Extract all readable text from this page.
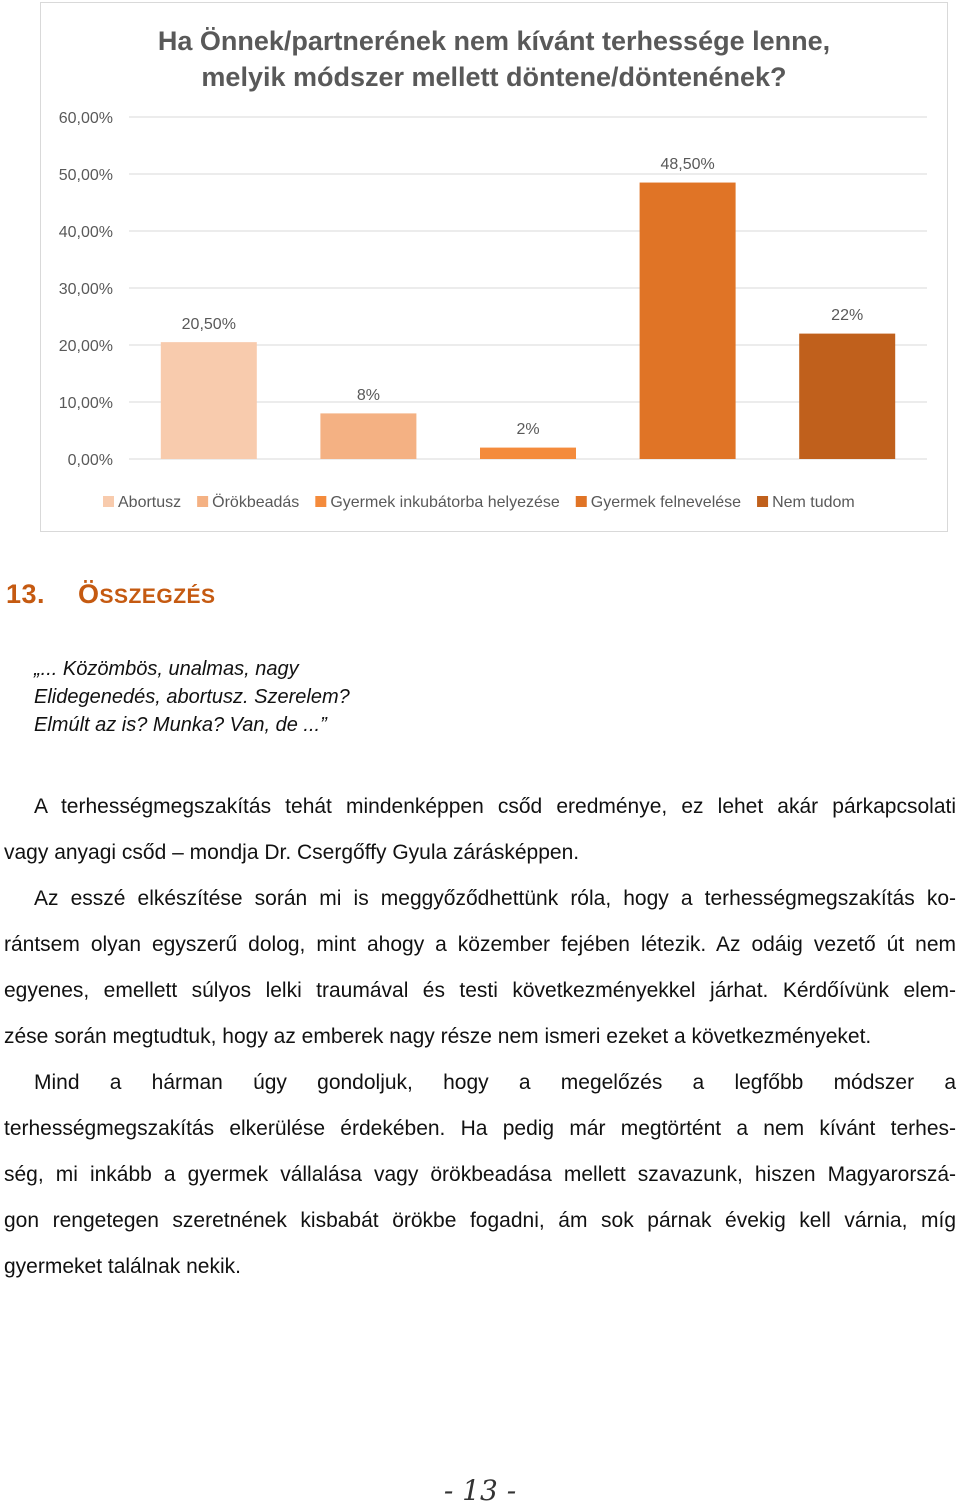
0,00%
10,00%
20,00%
30,00%
40,00%
50,00%
60,00%
20,50%
8%
2%
48,50%
22%
Abortusz Örökbeadás Gyermek inkubátorba helyezése Gyermek felnevelése Nem tudom
Ha Önnek/partnerének nem kívánt terhessége lenne,
melyik módszer mellett döntene/döntenének?
13. ÖSSZEGZÉS
„... Közömbös, unalmas, nagy
Elidegenedés, abortusz. Szerelem?
Elmúlt az is? Munka? Van, de ...”
A terhességmegszakítás tehát mindenképpen csőd eredménye, ez lehet akár párkapcsolati
vagy anyagi csőd – mondja Dr. Csergőffy Gyula zárásképpen.
Az esszé elkészítése során mi is meggyőződhettünk róla, hogy a terhességmegszakítás ko-
rántsem olyan egyszerű dolog, mint ahogy a közember fejében létezik. Az odáig vezető út nem
egyenes, emellett súlyos lelki traumával és testi következményekkel járhat. Kérdőívünk elem-
zése során megtudtuk, hogy az emberek nagy része nem ismeri ezeket a következményeket.
Mind a hárman úgy gondoljuk, hogy a megelőzés a legfőbb módszer a
terhességmegszakítás elkerülése érdekében. Ha pedig már megtörtént a nem kívánt terhes-
ség, mi inkább a gyermek vállalása vagy örökbeadása mellett szavazunk, hiszen Magyarorszá-
gon rengetegen szeretnének kisbabát örökbe fogadni, ám sok párnak évekig kell várnia, míg
gyermeket találnak nekik.
- 13 -
